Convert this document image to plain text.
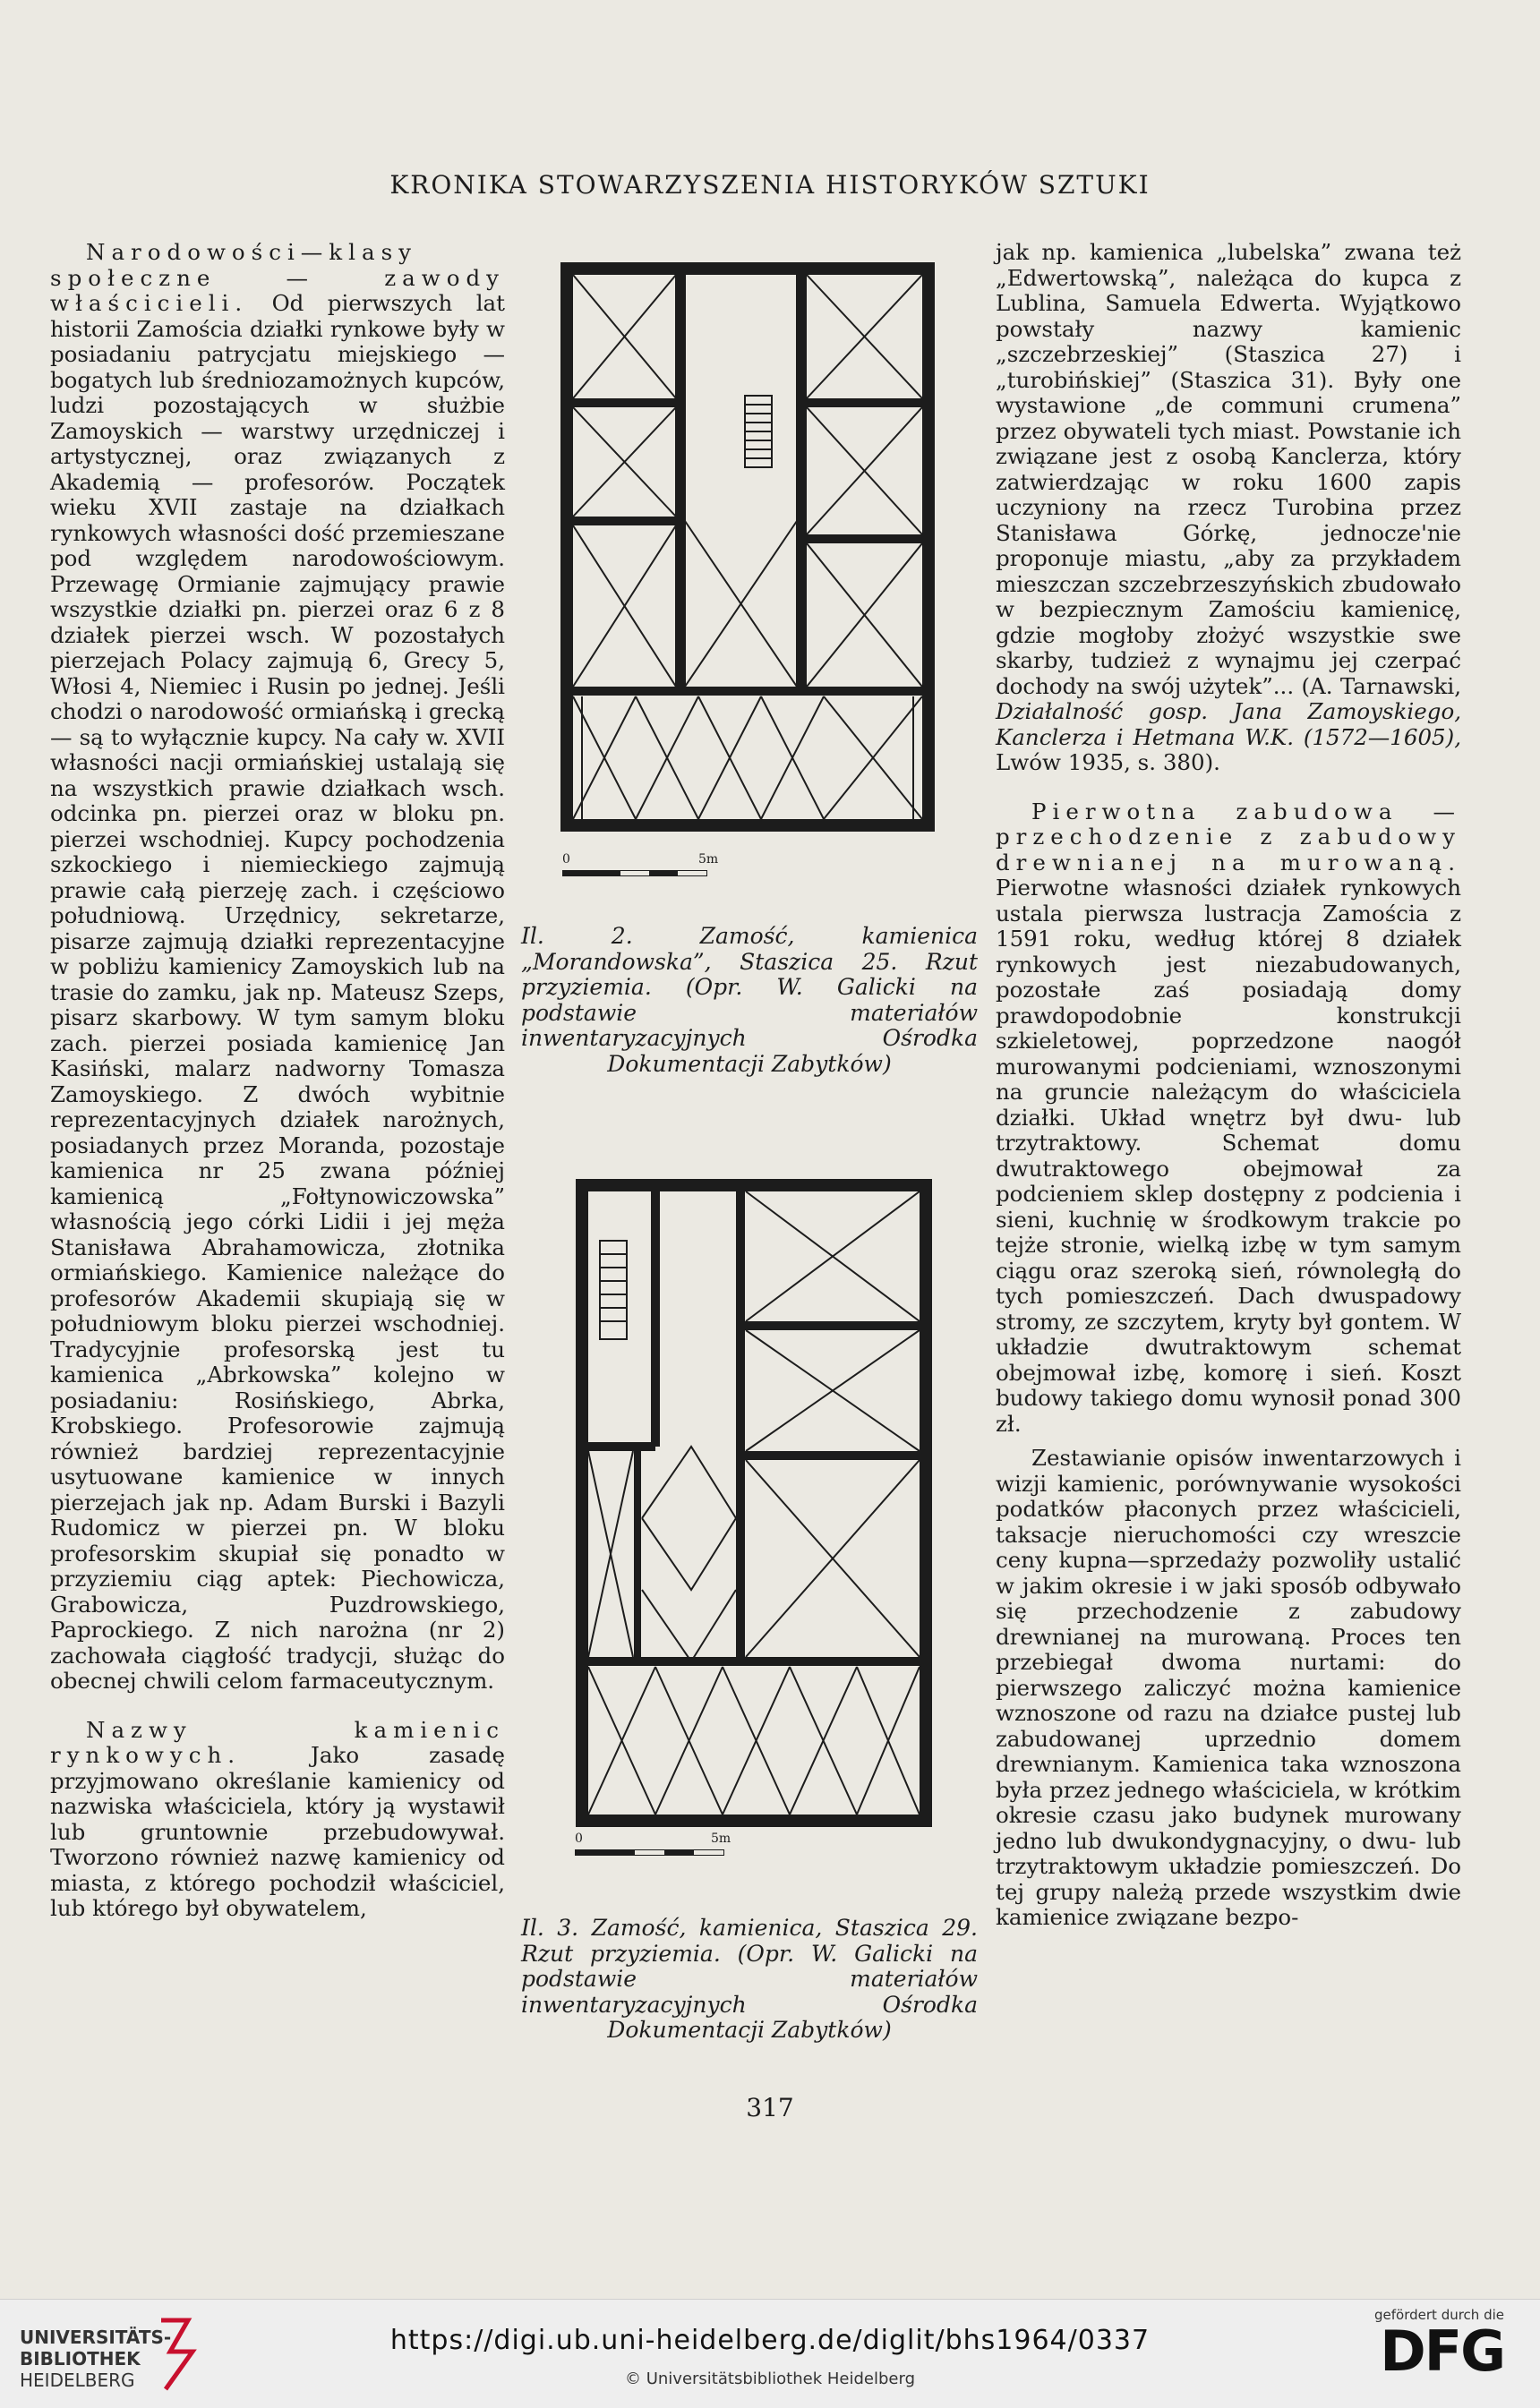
KRONIKA STOWARZYSZENIA HISTORYKÓW SZTUKI

Narodowości—klasy społeczne — zawody właścicieli. Od pierwszych lat historii Zamościa działki rynkowe były w posiadaniu patrycjatu miejskiego — bogatych lub średniozamożnych kupców, ludzi pozostających w służbie Zamoyskich — warstwy urzędniczej i artystycznej, oraz związanych z Akademią — profesorów. Początek wieku XVII zastaje na działkach rynkowych własności dość przemieszane pod względem narodowościowym. Przewagę Ormianie zajmujący prawie wszystkie działki pn. pierzei oraz 6 z 8 działek pierzei wsch. W pozostałych pierzejach Polacy zajmują 6, Grecy 5, Włosi 4, Niemiec i Rusin po jednej. Jeśli chodzi o narodowość ormiańską i grecką — są to wyłącznie kupcy. Na cały w. XVII własności nacji ormiańskiej ustalają się na wszystkich prawie działkach wsch. odcinka pn. pierzei oraz w bloku pn. pierzei wschodniej. Kupcy pochodzenia szkockiego i niemieckiego zajmują prawie całą pierzeję zach. i częściowo południową. Urzędnicy, sekretarze, pisarze zajmują działki reprezentacyjne w pobliżu kamienicy Zamoyskich lub na trasie do zamku, jak np. Mateusz Szeps, pisarz skarbowy. W tym samym bloku zach. pierzei posiada kamienicę Jan Kasiński, malarz nadworny Tomasza Zamoyskiego. Z dwóch wybitnie reprezentacyjnych działek narożnych, posiadanych przez Moranda, pozostaje kamienica nr 25 zwana później kamienicą „Fołtynowiczowska” własnością jego córki Lidii i jej męża Stanisława Abrahamowicza, złotnika ormiańskiego. Kamienice należące do profesorów Akademii skupiają się w południowym bloku pierzei wschodniej. Tradycyjnie profesorską jest tu kamienica „Abrkowska” kolejno w posiadaniu: Rosińskiego, Abrka, Krobskiego. Profesorowie zajmują również bardziej reprezentacyjnie usytuowane kamienice w innych pierzejach jak np. Adam Burski i Bazyli Rudomicz w pierzei pn. W bloku profesorskim skupiał się ponadto w przyziemiu ciąg aptek: Piechowicza, Grabowicza, Puzdrowskiego, Paprockiego. Z nich narożna (nr 2) zachowała ciągłość tradycji, służąc do obecnej chwili celom farmaceutycznym.

Nazwy kamienic rynkowych. Jako zasadę przyjmowano określanie kamienicy od nazwiska właściciela, który ją wystawił lub gruntownie przebudowywał. Tworzono również nazwę kamienicy od miasta, z którego pochodził właściciel, lub którego był obywatelem,

0	5m
Il. 2. Zamość, kamienica „Morandowska”, Staszica 25. Rzut przyziemia. (Opr. W. Galicki na podstawie materiałów inwentaryzacyjnych Ośrodka Dokumentacji Zabytków)
0	5m
Il. 3. Zamość, kamienica, Staszica 29. Rzut przyziemia. (Opr. W. Galicki na podstawie materiałów inwentaryzacyjnych Ośrodka Dokumentacji Zabytków)

jak np. kamienica „lubelska” zwana też „Edwertowską”, należąca do kupca z Lublina, Samuela Edwerta. Wyjątkowo powstały nazwy kamienic „szczebrzeskiej” (Staszica 27) i „turobińskiej” (Staszica 31). Były one wystawione „de communi crumena” przez obywateli tych miast. Powstanie ich związane jest z osobą Kanclerza, który zatwierdzając w roku 1600 zapis uczyniony na rzecz Turobina przez Stanisława Górkę, jednocze'nie proponuje miastu, „aby za przykładem mieszczan szczebrzeszyńskich zbudowało w bezpiecznym Zamościu kamienicę, gdzie mogłoby złożyć wszystkie swe skarby, tudzież z wynajmu jej czerpać dochody na swój użytek”... (A. Tarnawski, Działalność gosp. Jana Zamoyskiego, Kanclerza i Hetmana W.K. (1572—1605), Lwów 1935, s. 380).

Pierwotna zabudowa — przechodzenie z zabudowy drewnianej na murowaną. Pierwotne własności działek rynkowych ustala pierwsza lustracja Zamościa z 1591 roku, według której 8 działek rynkowych jest niezabudowanych, pozostałe zaś posiadają domy prawdopodobnie konstrukcji szkieletowej, poprzedzone naogół murowanymi podcieniami, wznoszonymi na gruncie należącym do właściciela działki. Układ wnętrz był dwu- lub trzytraktowy. Schemat domu dwutraktowego obejmował za podcieniem sklep dostępny z podcienia i sieni, kuchnię w środkowym trakcie po tejże stronie, wielką izbę w tym samym ciągu oraz szeroką sień, równoległą do tych pomieszczeń. Dach dwuspadowy stromy, ze szczytem, kryty był gontem. W układzie dwutraktowym schemat obejmował izbę, komorę i sień. Koszt budowy takiego domu wynosił ponad 300 zł.

Zestawianie opisów inwentarzowych i wizji kamienic, porównywanie wysokości podatków płaconych przez właścicieli, taksacje nieruchomości czy wreszcie ceny kupna—sprzedaży pozwoliły ustalić w jakim okresie i w jaki sposób odbywało się przechodzenie z zabudowy drewnianej na murowaną. Proces ten przebiegał dwoma nurtami: do pierwszego zaliczyć można kamienice wznoszone od razu na działce pustej lub zabudowanej uprzednio domem drewnianym. Kamienica taka wznoszona była przez jednego właściciela, w krótkim okresie czasu jako budynek murowany jedno lub dwukondygnacyjny, o dwu- lub trzytraktowym układzie pomieszczeń. Do tej grupy należą przede wszystkim dwie kamienice związane bezpo-

317
UNIVERSITÄTS-
BIBLIOTHEK
HEIDELBERG
https://digi.ub.uni-heidelberg.de/diglit/bhs1964/0337
© Universitätsbibliothek Heidelberg
gefördert durch die
DFG
